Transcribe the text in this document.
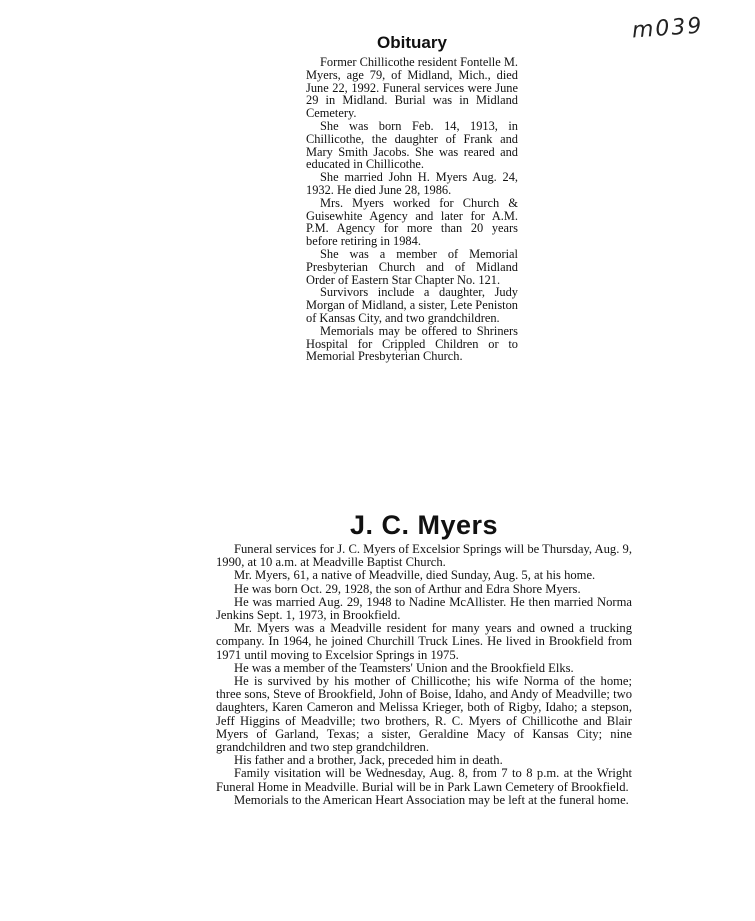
m039
Obituary

Former Chillicothe resident Fontelle M. Myers, age 79, of Midland, Mich., died June 22, 1992. Funeral services were June 29 in Midland. Burial was in Midland Cemetery.

She was born Feb. 14, 1913, in Chillicothe, the daughter of Frank and Mary Smith Jacobs. She was reared and educated in Chillicothe.

She married John H. Myers Aug. 24, 1932. He died June 28, 1986.

Mrs. Myers worked for Church & Guisewhite Agency and later for A.M. P.M. Agency for more than 20 years before retiring in 1984.

She was a member of Memorial Presbyterian Church and of Midland Order of Eastern Star Chapter No. 121.

Survivors include a daughter, Judy Morgan of Midland, a sister, Lete Peniston of Kansas City, and two grandchildren.

Memorials may be offered to Shriners Hospital for Crippled Children or to Memorial Presbyterian Church.

J. C. Myers

Funeral services for J. C. Myers of Excelsior Springs will be Thursday, Aug. 9, 1990, at 10 a.m. at Meadville Baptist Church.

Mr. Myers, 61, a native of Meadville, died Sunday, Aug. 5, at his home.

He was born Oct. 29, 1928, the son of Arthur and Edra Shore Myers.

He was married Aug. 29, 1948 to Nadine McAllister. He then married Norma Jenkins Sept. 1, 1973, in Brookfield.

Mr. Myers was a Meadville resident for many years and owned a trucking company. In 1964, he joined Churchill Truck Lines. He lived in Brookfield from 1971 until moving to Excelsior Springs in 1975.

He was a member of the Teamsters' Union and the Brookfield Elks.

He is survived by his mother of Chillicothe; his wife Norma of the home; three sons, Steve of Brookfield, John of Boise, Idaho, and Andy of Meadville; two daughters, Karen Cameron and Melissa Krieger, both of Rigby, Idaho; a stepson, Jeff Higgins of Meadville; two brothers, R. C. Myers of Chillicothe and Blair Myers of Garland, Texas; a sister, Geraldine Macy of Kansas City; nine grandchildren and two step grandchildren.

His father and a brother, Jack, preceded him in death.

Family visitation will be Wednesday, Aug. 8, from 7 to 8 p.m. at the Wright Funeral Home in Meadville. Burial will be in Park Lawn Cemetery of Brookfield.

Memorials to the American Heart Association may be left at the funeral home.
